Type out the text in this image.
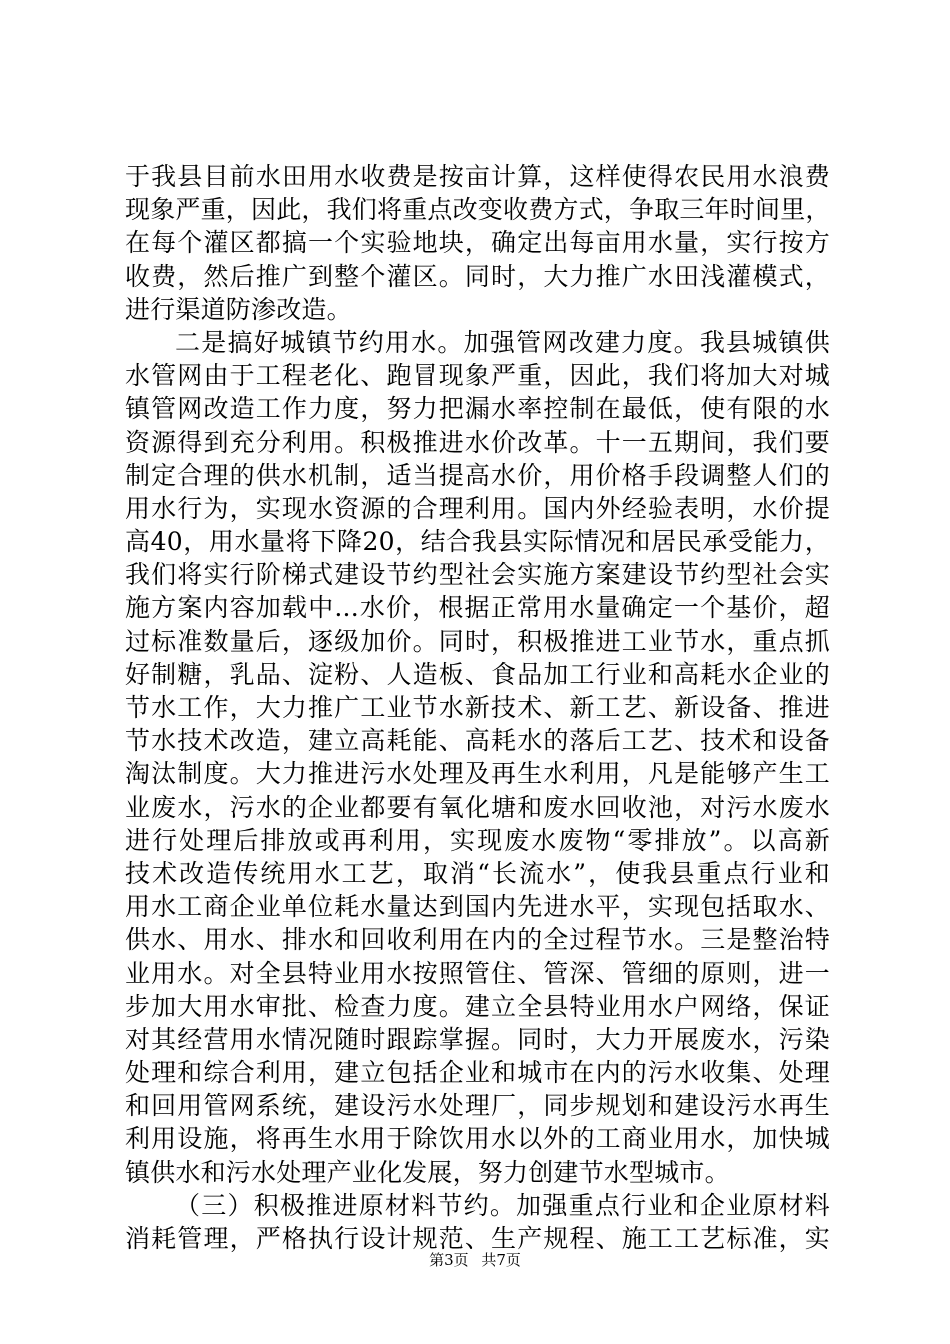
于我县目前水田用水收费是按亩计算，这样使得农民用水浪费
现象严重，因此，我们将重点改变收费方式，争取三年时间里，
在每个灌区都搞一个实验地块，确定出每亩用水量，实行按方
收费，然后推广到整个灌区。同时，大力推广水田浅灌模式，
进行渠道防渗改造。
二是搞好城镇节约用水。加强管网改建力度。我县城镇供
水管网由于工程老化、跑冒现象严重，因此，我们将加大对城
镇管网改造工作力度，努力把漏水率控制在最低，使有限的水
资源得到充分利用。积极推进水价改革。十一五期间，我们要
制定合理的供水机制，适当提高水价，用价格手段调整人们的
用水行为，实现水资源的合理利用。国内外经验表明，水价提
高40，用水量将下降20，结合我县实际情况和居民承受能力，
我们将实行阶梯式建设节约型社会实施方案建设节约型社会实
施方案内容加载中...水价，根据正常用水量确定一个基价，超
过标准数量后，逐级加价。同时，积极推进工业节水，重点抓
好制糖，乳品、淀粉、人造板、食品加工行业和高耗水企业的
节水工作，大力推广工业节水新技术、新工艺、新设备、推进
节水技术改造，建立高耗能、高耗水的落后工艺、技术和设备
淘汰制度。大力推进污水处理及再生水利用，凡是能够产生工
业废水，污水的企业都要有氧化塘和废水回收池，对污水废水
进行处理后排放或再利用，实现废水废物“零排放”。以高新
技术改造传统用水工艺，取消“长流水”，使我县重点行业和
用水工商企业单位耗水量达到国内先进水平，实现包括取水、
供水、用水、排水和回收利用在内的全过程节水。三是整治特
业用水。对全县特业用水按照管住、管深、管细的原则，进一
步加大用水审批、检查力度。建立全县特业用水户网络，保证
对其经营用水情况随时跟踪掌握。同时，大力开展废水，污染
处理和综合利用，建立包括企业和城市在内的污水收集、处理
和回用管网系统，建设污水处理厂，同步规划和建设污水再生
利用设施，将再生水用于除饮用水以外的工商业用水，加快城
镇供水和污水处理产业化发展，努力创建节水型城市。
（三）积极推进原材料节约。加强重点行业和企业原材料
消耗管理，严格执行设计规范、生产规程、施工工艺标准，实
第3页 共7页
